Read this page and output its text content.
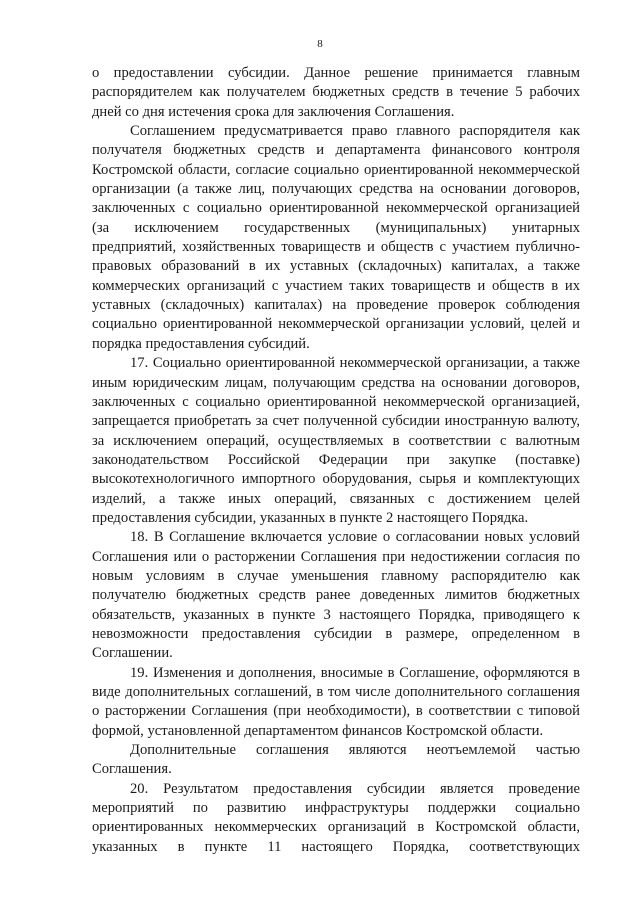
8

о предоставлении субсидии. Данное решение принимается главным распорядителем как получателем бюджетных средств в течение 5 рабочих дней со дня истечения срока для заключения Соглашения.

Соглашением предусматривается право главного распорядителя как получателя бюджетных средств и департамента финансового контроля Костромской области, согласие социально ориентированной некоммерческой организации (а также лиц, получающих средства на основании договоров, заключенных с социально ориентированной некоммерческой организацией (за исключением государственных (муниципальных) унитарных предприятий, хозяйственных товариществ и обществ с участием публично-правовых образований в их уставных (складочных) капиталах, а также коммерческих организаций с участием таких товариществ и обществ в их уставных (складочных) капиталах) на проведение проверок соблюдения социально ориентированной некоммерческой организации условий, целей и порядка предоставления субсидий.

17. Социально ориентированной некоммерческой организации, а также иным юридическим лицам, получающим средства на основании договоров, заключенных с социально ориентированной некоммерческой организацией, запрещается приобретать за счет полученной субсидии иностранную валюту, за исключением операций, осуществляемых в соответствии с валютным законодательством Российской Федерации при закупке (поставке) высокотехнологичного импортного оборудования, сырья и комплектующих изделий, а также иных операций, связанных с достижением целей предоставления субсидии, указанных в пункте 2 настоящего Порядка.

18. В Соглашение включается условие о согласовании новых условий Соглашения или о расторжении Соглашения при недостижении согласия по новым условиям в случае уменьшения главному распорядителю как получателю бюджетных средств ранее доведенных лимитов бюджетных обязательств, указанных в пункте 3 настоящего Порядка, приводящего к невозможности предоставления субсидии в размере, определенном в Соглашении.

19. Изменения и дополнения, вносимые в Соглашение, оформляются в виде дополнительных соглашений, в том числе дополнительного соглашения о расторжении Соглашения (при необходимости), в соответствии с типовой формой, установленной департаментом финансов Костромской области.

Дополнительные соглашения являются неотъемлемой частью Соглашения.

20. Результатом предоставления субсидии является проведение мероприятий по развитию инфраструктуры поддержки социально ориентированных некоммерческих организаций в Костромской области, указанных в пункте 11 настоящего Порядка, соответствующих
